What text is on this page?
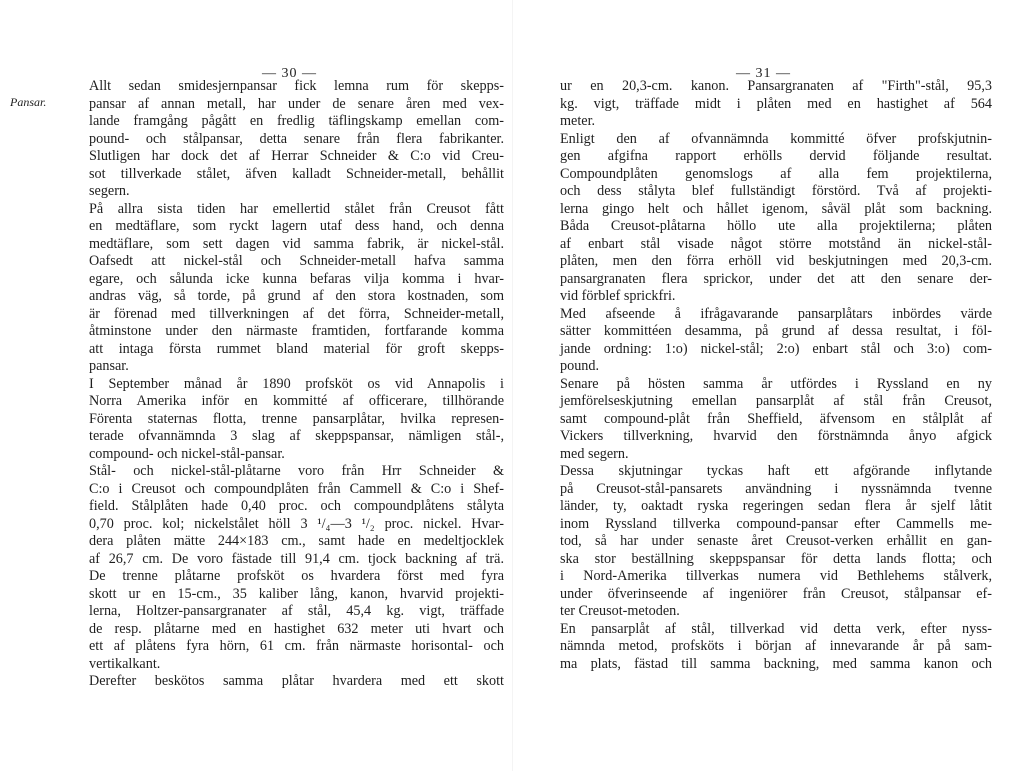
— 30 —
Pansar.
Allt sedan smidesjernpansar fick lemna rum för skepps-
pansar af annan metall, har under de senare åren med vex-
lande framgång pågått en fredlig täflingskamp emellan com-
pound- och stålpansar, detta senare från flera fabrikanter.
Slutligen har dock det af Herrar Schneider & C:o vid Creu-
sot tillverkade stålet, äfven kalladt Schneider-metall, behållit
segern.
På allra sista tiden har emellertid stålet från Creusot fått
en medtäflare, som ryckt lagern utaf dess hand, och denna
medtäflare, som sett dagen vid samma fabrik, är nickel-stål.
Oafsedt att nickel-stål och Schneider-metall hafva samma
egare, och sålunda icke kunna befaras vilja komma i hvar-
andras väg, så torde, på grund af den stora kostnaden, som
är förenad med tillverkningen af det förra, Schneider-metall,
åtminstone under den närmaste framtiden, fortfarande komma
att intaga första rummet bland material för groft skepps-
pansar.
I September månad år 1890 profsköt os vid Annapolis i
Norra Amerika inför en kommitté af officerare, tillhörande
Förenta staternas flotta, trenne pansarplåtar, hvilka represen-
terade ofvannämnda 3 slag af skeppspansar, nämligen stål-,
compound- och nickel-stål-pansar.
Stål- och nickel-stål-plåtarne voro från Hrr Schneider &
C:o i Creusot och compoundplåten från Cammell & C:o i Shef-
field. Stålplåten hade 0,40 proc. och compoundplåtens stålyta
0,70 proc. kol; nickelstålet höll 3 ¹/₄—3 ¹/₂ proc. nickel. Hvar-
dera plåten mätte 244×183 cm., samt hade en medeltjocklek
af 26,7 cm. De voro fästade till 91,4 cm. tjock backning af trä.
De trenne plåtarne profsköt os hvardera först med fyra
skott ur en 15-cm., 35 kaliber lång, kanon, hvarvid projekti-
lerna, Holtzer-pansargranater af stål, 45,4 kg. vigt, träffade
de resp. plåtarne med en hastighet 632 meter uti hvart och
ett af plåtens fyra hörn, 61 cm. från närmaste horisontal- och
vertikalkant.
Derefter beskötos samma plåtar hvardera med ett skott
— 31 —
ur en 20,3-cm. kanon. Pansargranaten af "Firth"-stål, 95,3
kg. vigt, träffade midt i plåten med en hastighet af 564
meter.
Enligt den af ofvannämnda kommitté öfver profskjutnin-
gen afgifna rapport erhölls dervid följande resultat.
Compoundplåten genomslogs af alla fem projektilerna,
och dess stålyta blef fullständigt förstörd. Två af projekti-
lerna gingo helt och hållet igenom, såväl plåt som backning.
Båda Creusot-plåtarna höllo ute alla projektilerna; plåten
af enbart stål visade något större motstånd än nickel-stål-
plåten, men den förra erhöll vid beskjutningen med 20,3-cm.
pansargranaten flera sprickor, under det att den senare der-
vid förblef sprickfri.
Med afseende å ifrågavarande pansarplåtars inbördes värde
sätter kommittéen desamma, på grund af dessa resultat, i föl-
jande ordning: 1:o) nickel-stål; 2:o) enbart stål och 3:o) com-
pound.
Senare på hösten samma år utfördes i Ryssland en ny
jemförelseskjutning emellan pansarplåt af stål från Creusot,
samt compound-plåt från Sheffield, äfvensom en stålplåt af
Vickers tillverkning, hvarvid den förstnämnda ånyo afgick
med segern.
Dessa skjutningar tyckas haft ett afgörande inflytande
på Creusot-stål-pansarets användning i nyssnämnda tvenne
länder, ty, oaktadt ryska regeringen sedan flera år sjelf låtit
inom Ryssland tillverka compound-pansar efter Cammells me-
tod, så har under senaste året Creusot-verken erhållit en gan-
ska stor beställning skeppspansar för detta lands flotta; och
i Nord-Amerika tillverkas numera vid Bethlehems stålverk,
under öfverinseende af ingeniörer från Creusot, stålpansar ef-
ter Creusot-metoden.
En pansarplåt af stål, tillverkad vid detta verk, efter nyss-
nämnda metod, profsköts i början af innevarande år på sam-
ma plats, fästad till samma backning, med samma kanon och
